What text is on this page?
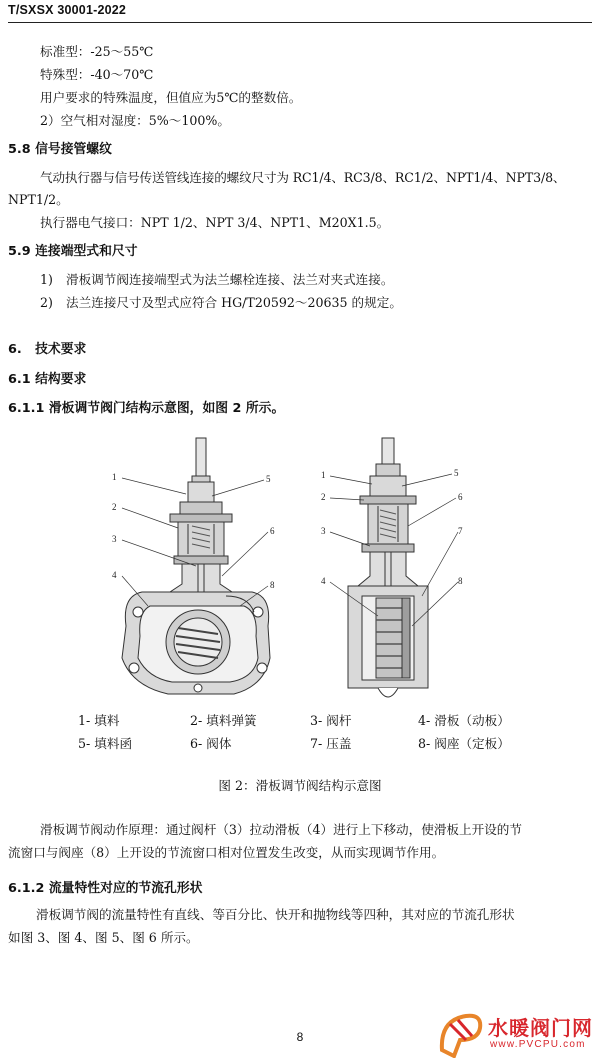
T/SXSX 30001-2022
标准型：-25～55℃
特殊型：-40～70℃
用户要求的特殊温度，但值应为5℃的整数倍。
2）空气相对湿度：5%～100%。
5.8 信号接管螺纹
气动执行器与信号传送管线连接的螺纹尺寸为 RC1/4、RC3/8、RC1/2、NPT1/4、NPT3/8、
NPT1/2。
执行器电气接口：NPT 1/2、NPT 3/4、NPT1、M20X1.5。
5.9 连接端型式和尺寸
1) 滑板调节阀连接端型式为法兰螺栓连接、法兰对夹式连接。
2) 法兰连接尺寸及型式应符合 HG/T20592～20635 的规定。
6.   技术要求
6.1 结构要求
6.1.1 滑板调节阀门结构示意图，如图 2 所示。
1
2
3
4
5
6
8
1
2
3
4
5
6
7
8
1- 填料	2- 填料弹簧	3- 阀杆	4- 滑板（动板）
5- 填料函	6- 阀体	7- 压盖	8- 阀座（定板）
图 2：滑板调节阀结构示意图
滑板调节阀动作原理：通过阀杆（3）拉动滑板（4）进行上下移动，使滑板上开设的节
流窗口与阀座（8）上开设的节流窗口相对位置发生改变，从而实现调节作用。
6.1.2 流量特性对应的节流孔形状
滑板调节阀的流量特性有直线、等百分比、快开和抛物线等四种，其对应的节流孔形状
如图 3、图 4、图 5、图 6 所示。
8	水暖阀门网
www.PVCPU.com
